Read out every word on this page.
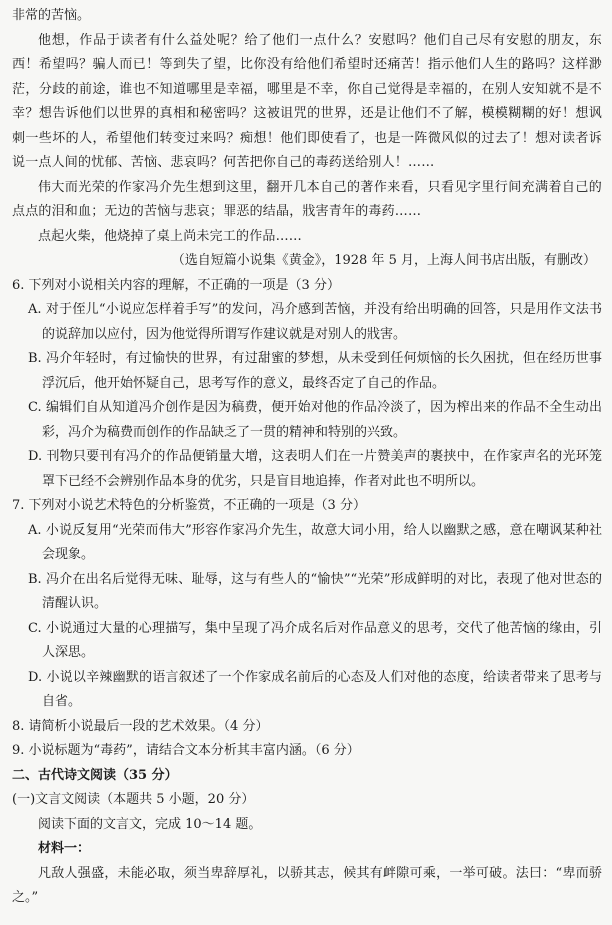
非常的苦恼。

他想，作品于读者有什么益处呢？给了他们一点什么？安慰吗？他们自己尽有安慰的朋友，东西！希望吗？骗人而已！等到失了望，比你没有给他们希望时还痛苦！指示他们人生的路吗？这样渺茫，分歧的前途，谁也不知道哪里是幸福，哪里是不幸，你自己觉得是幸福的，在别人安知就不是不幸？想告诉他们以世界的真相和秘密吗？这被诅咒的世界，还是让他们不了解，模模糊糊的好！想讽刺一些坏的人，希望他们转变过来吗？痴想！他们即使看了，也是一阵微风似的过去了！想对读者诉说一点人间的忧郁、苦恼、悲哀吗？何苦把你自己的毒药送给别人！……

伟大而光荣的作家冯介先生想到这里，翻开几本自己的著作来看，只看见字里行间充满着自己的点点的泪和血；无边的苦恼与悲哀；罪恶的结晶，戕害青年的毒药……

点起火柴，他烧掉了桌上尚未完工的作品……

（选自短篇小说集《黄金》，1928 年 5 月，上海人间书店出版，有删改）

6. 下列对小说相关内容的理解，不正确的一项是（3 分）

A. 对于侄儿“小说应怎样着手写”的发问，冯介感到苦恼，并没有给出明确的回答，只是用作文法书的说辞加以应付，因为他觉得所谓写作建议就是对别人的戕害。

B. 冯介年轻时，有过愉快的世界，有过甜蜜的梦想，从未受到任何烦恼的长久困扰，但在经历世事浮沉后，他开始怀疑自己，思考写作的意义，最终否定了自己的作品。

C. 编辑们自从知道冯介创作是因为稿费，便开始对他的作品冷淡了，因为榨出来的作品不全生动出彩，冯介为稿费而创作的作品缺乏了一贯的精神和特别的兴致。

D. 刊物只要刊有冯介的作品便销量大增，这表明人们在一片赞美声的裹挟中，在作家声名的光环笼罩下已经不会辨别作品本身的优劣，只是盲目地追捧，作者对此也不明所以。

7. 下列对小说艺术特色的分析鉴赏，不正确的一项是（3 分）

A. 小说反复用“光荣而伟大”形容作家冯介先生，故意大词小用，给人以幽默之感，意在嘲讽某种社会现象。

B. 冯介在出名后觉得无味、耻辱，这与有些人的“愉快”“光荣”形成鲜明的对比，表现了他对世态的清醒认识。

C. 小说通过大量的心理描写，集中呈现了冯介成名后对作品意义的思考，交代了他苦恼的缘由，引人深思。

D. 小说以辛辣幽默的语言叙述了一个作家成名前后的心态及人们对他的态度，给读者带来了思考与自省。

8. 请简析小说最后一段的艺术效果。（4 分）

9. 小说标题为“毒药”，请结合文本分析其丰富内涵。（6 分）

二、古代诗文阅读（35 分）

(一)文言文阅读（本题共 5 小题，20 分）

阅读下面的文言文，完成 10～14 题。

材料一：

凡敌人强盛，未能必取，须当卑辞厚礼，以骄其志，候其有衅隙可乘，一举可破。法曰：“卑而骄之。”
